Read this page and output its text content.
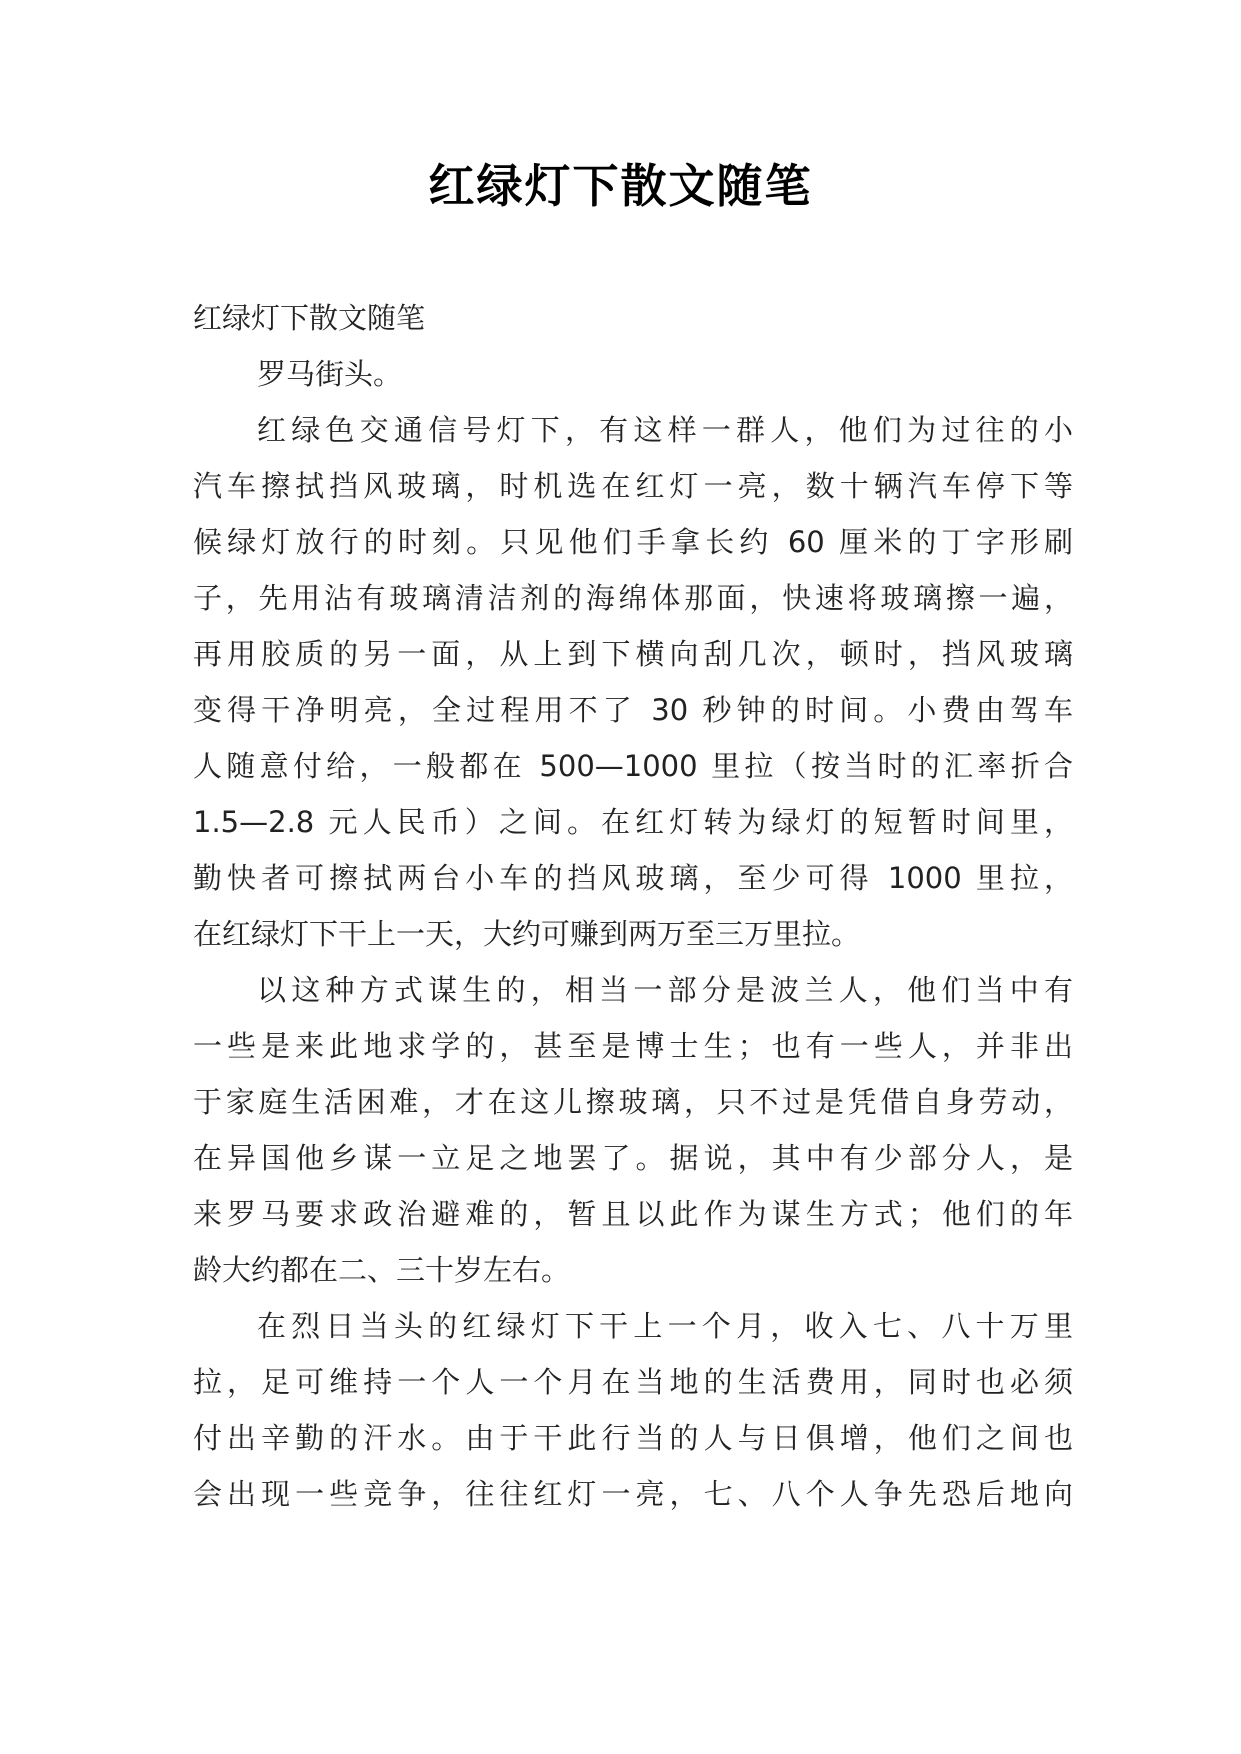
红绿灯下散文随笔
红绿灯下散文随笔
罗马街头。
红绿色交通信号灯下，有这样一群人，他们为过往的小
汽车擦拭挡风玻璃，时机选在红灯一亮，数十辆汽车停下等
候绿灯放行的时刻。只见他们手拿长约 60 厘米的丁字形刷
子，先用沾有玻璃清洁剂的海绵体那面，快速将玻璃擦一遍，
再用胶质的另一面，从上到下横向刮几次，顿时，挡风玻璃
变得干净明亮，全过程用不了 30 秒钟的时间。小费由驾车
人随意付给，一般都在 500—1000 里拉（按当时的汇率折合
1.5—2.8 元人民币）之间。在红灯转为绿灯的短暂时间里，
勤快者可擦拭两台小车的挡风玻璃，至少可得 1000 里拉，
在红绿灯下干上一天，大约可赚到两万至三万里拉。
以这种方式谋生的，相当一部分是波兰人，他们当中有
一些是来此地求学的，甚至是博士生；也有一些人，并非出
于家庭生活困难，才在这儿擦玻璃，只不过是凭借自身劳动，
在异国他乡谋一立足之地罢了。据说，其中有少部分人，是
来罗马要求政治避难的，暂且以此作为谋生方式；他们的年
龄大约都在二、三十岁左右。
在烈日当头的红绿灯下干上一个月，收入七、八十万里
拉，足可维持一个人一个月在当地的生活费用，同时也必须
付出辛勤的汗水。由于干此行当的人与日俱增，他们之间也
会出现一些竞争，往往红灯一亮，七、八个人争先恐后地向
